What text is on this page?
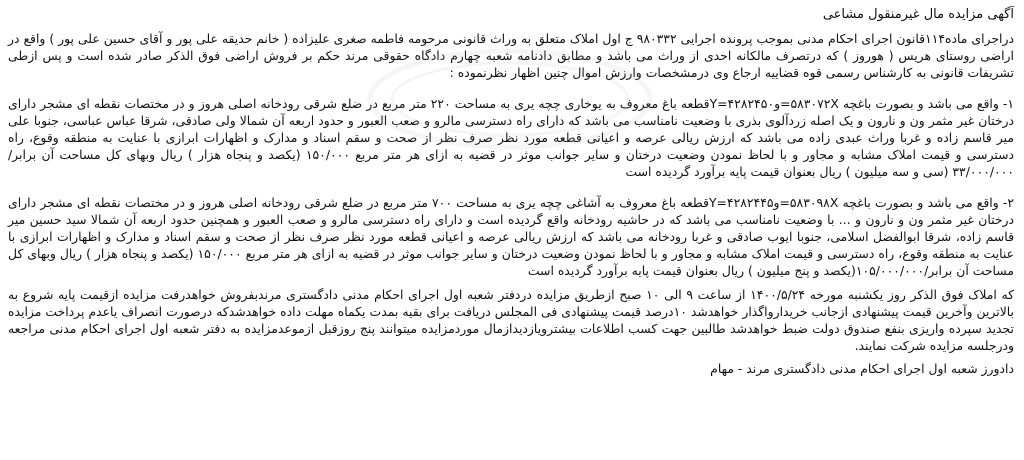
آگهی مزایده مال غیرمنقول مشاعی

دراجرای ماده۱۱۴قانون اجرای احکام مدنی بموجب پرونده اجرایی ۹۸۰۳۳۲ ج اول املاک متعلق به وراث قانونی مرحومه فاطمه صغری علیزاده ( خانم حدیقه علی پور و آقای حسین علی پور ) واقع در اراضی روستای هریس ( هوروز ) که درتصرف مالکانه احدی از وراث می باشد و مطابق دادنامه شعبه چهارم دادگاه حقوقی مرند حکم بر فروش اراضی فوق الذکر صادر شده است و پس ازطی تشریفات قانونی به کارشناس رسمی قوه قضاییه ارجاع وی درمشخصات وارزش اموال چنین اظهار نظرنموده :

۱- واقع می باشد و بصورت باغچه ۵۸۳۰۷۲X=وY=۴۲۸۲۴۵۰قطعه باغ معروف به یوخاری چچه یری به مساحت ۲۲۰ متر مربع در ضلع شرقی رودخانه اصلی هروز و در مختصات نقطه ای مشجر دارای درختان غیر مثمر ون و نارون و یک اصله زردآلوی بذری با وضعیت نامناسب می باشد که دارای راه دسترسی مالرو و صعب العبور و حدود اربعه آن شمالا ولی صادقی، شرقا عباس عباسی، جنوبا علی میر قاسم زاده و غربا وراث عبدی زاده می باشد که ارزش ریالی عرصه و اعیانی قطعه مورد نظر صرف نظر از صحت و سقم اسناد و مدارک و اظهارات ابرازی با عنایت به منطقه وقوع، راه دسترسی و قیمت املاک مشابه و مجاور و با لحاظ نمودن وضعیت درختان و سایر جوانب موثر در قضیه به ازای هر متر مربع ۱۵۰/۰۰۰ (یکصد و پنجاه هزار ) ریال وبهای کل مساحت آن برابر/۳۳/۰۰۰/۰۰۰ (سی و سه میلیون ) ریال بعنوان قیمت پایه برآورد گردیده است

۲- واقع می باشد و بصورت باغچه ۵۸۳۰۹۸X=وY=۴۲۸۲۴۴۵قطعه باغ معروف به آشاغی چچه یری به مساحت ۷۰۰ متر مربع در ضلع شرقی رودخانه اصلی هروز و در مختصات نقطه ای مشجر دارای درختان غیر مثمر ون و نارون و ... با وضعیت نامناسب می باشد که در حاشیه رودخانه واقع گردیده است و دارای راه دسترسی مالرو و صعب العبور و همچنین حدود اربعه آن شمالا سید حسین میر قاسم زاده، شرقا ابوالفضل اسلامی، جنوبا ایوب صادقی و غربا رودخانه می باشد که ارزش ریالی عرصه و اعیانی قطعه مورد نظر صرف نظر از صحت و سقم اسناد و مدارک و اظهارات ابرازی با عنایت به منطقه وقوع، راه دسترسی و قیمت املاک مشابه و مجاور و با لحاظ نمودن وضعیت درختان و سایر جوانب موثر در قضیه به ازای هر متر مربع ۱۵۰/۰۰۰ (یکصد و پنجاه هزار ) ریال وبهای کل مساحت آن برابر/۱۰۵/۰۰۰/۰۰۰(یکصد و پنج میلیون ) ریال بعنوان قیمت پایه برآورد گردیده است

که املاک فوق الذکر روز یکشنبه مورخه ۱۴۰۰/۵/۲۴ از ساعت ۹ الی ۱۰ صبح ازطریق مزایده دردفتر شعبه اول اجرای احکام مدنی دادگستری مرندبفروش خواهدرفت مزایده ازقیمت پایه شروع به بالاترین وآخرین قیمت پیشنهادی ازجانب خریدارواگذار خواهدشد ۱۰درصد قیمت پیشنهادی فی المجلس دریافت برای بقیه بمدت یکماه مهلت داده خواهدشدکه درصورت انصراف یاعدم پرداخت مزایده تجدید سپرده واریزی بنفع صندوق دولت ضبط خواهدشد طالبین جهت کسب اطلاعات بیشترویازدیدازمال موردمزایده میتوانند پنج روزقبل ازموعدمزایده به دفتر شعبه اول اجرای احکام مدنی مراجعه ودرجلسه مزایده شرکت نمایند.

دادورز شعبه اول اجرای احکام مدنی دادگستری مرند - مهام
